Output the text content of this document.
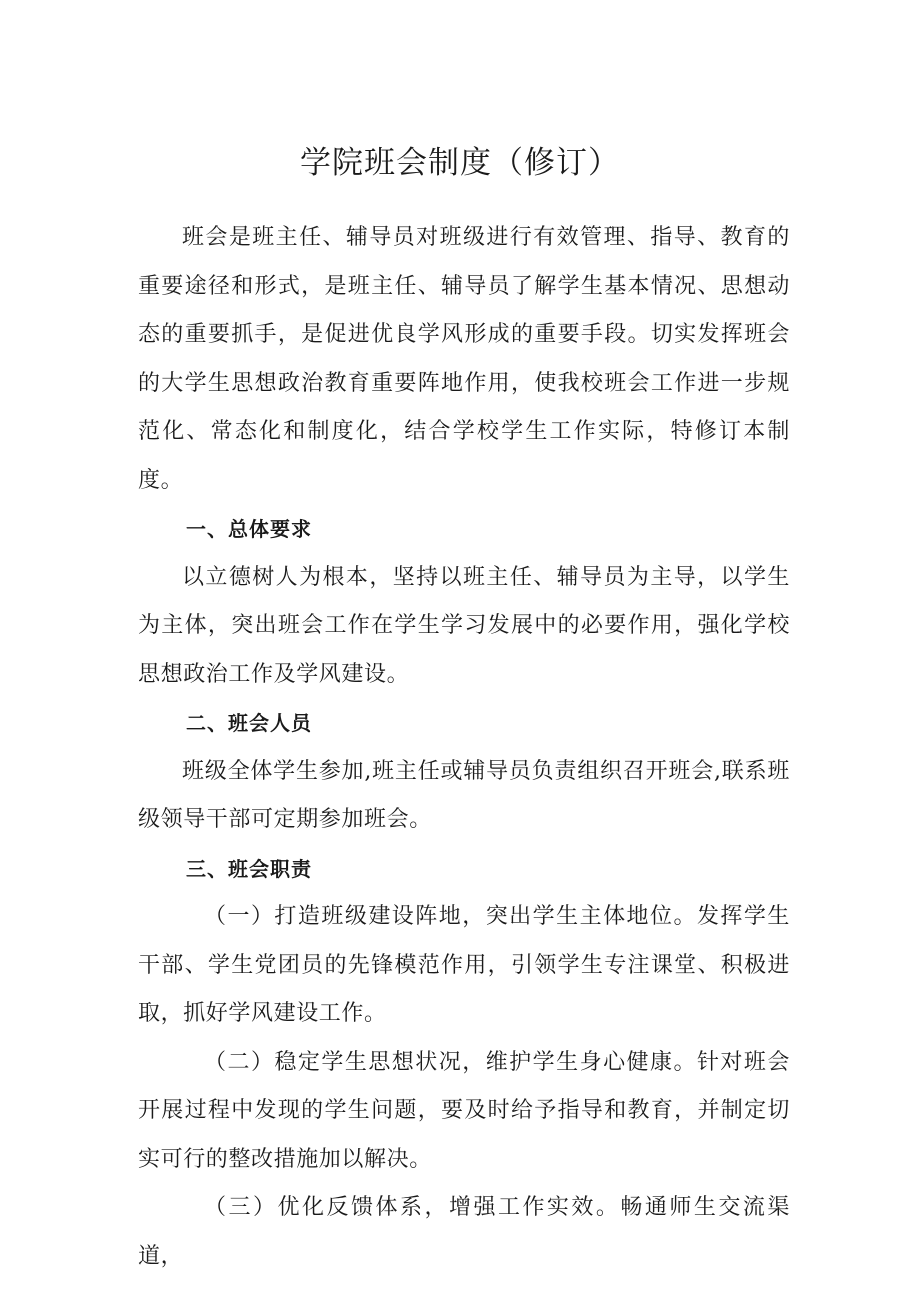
学院班会制度（修订）

班会是班主任、辅导员对班级进行有效管理、指导、教育的重要途径和形式，是班主任、辅导员了解学生基本情况、思想动态的重要抓手，是促进优良学风形成的重要手段。切实发挥班会的大学生思想政治教育重要阵地作用，使我校班会工作进一步规范化、常态化和制度化，结合学校学生工作实际，特修订本制度。

一、总体要求

以立德树人为根本，坚持以班主任、辅导员为主导，以学生为主体，突出班会工作在学生学习发展中的必要作用，强化学校思想政治工作及学风建设。

二、班会人员

班级全体学生参加,班主任或辅导员负责组织召开班会,联系班级领导干部可定期参加班会。

三、班会职责

（一）打造班级建设阵地，突出学生主体地位。发挥学生干部、学生党团员的先锋模范作用，引领学生专注课堂、积极进取，抓好学风建设工作。

（二）稳定学生思想状况，维护学生身心健康。针对班会开展过程中发现的学生问题，要及时给予指导和教育，并制定切实可行的整改措施加以解决。

（三）优化反馈体系，增强工作实效。畅通师生交流渠道，
